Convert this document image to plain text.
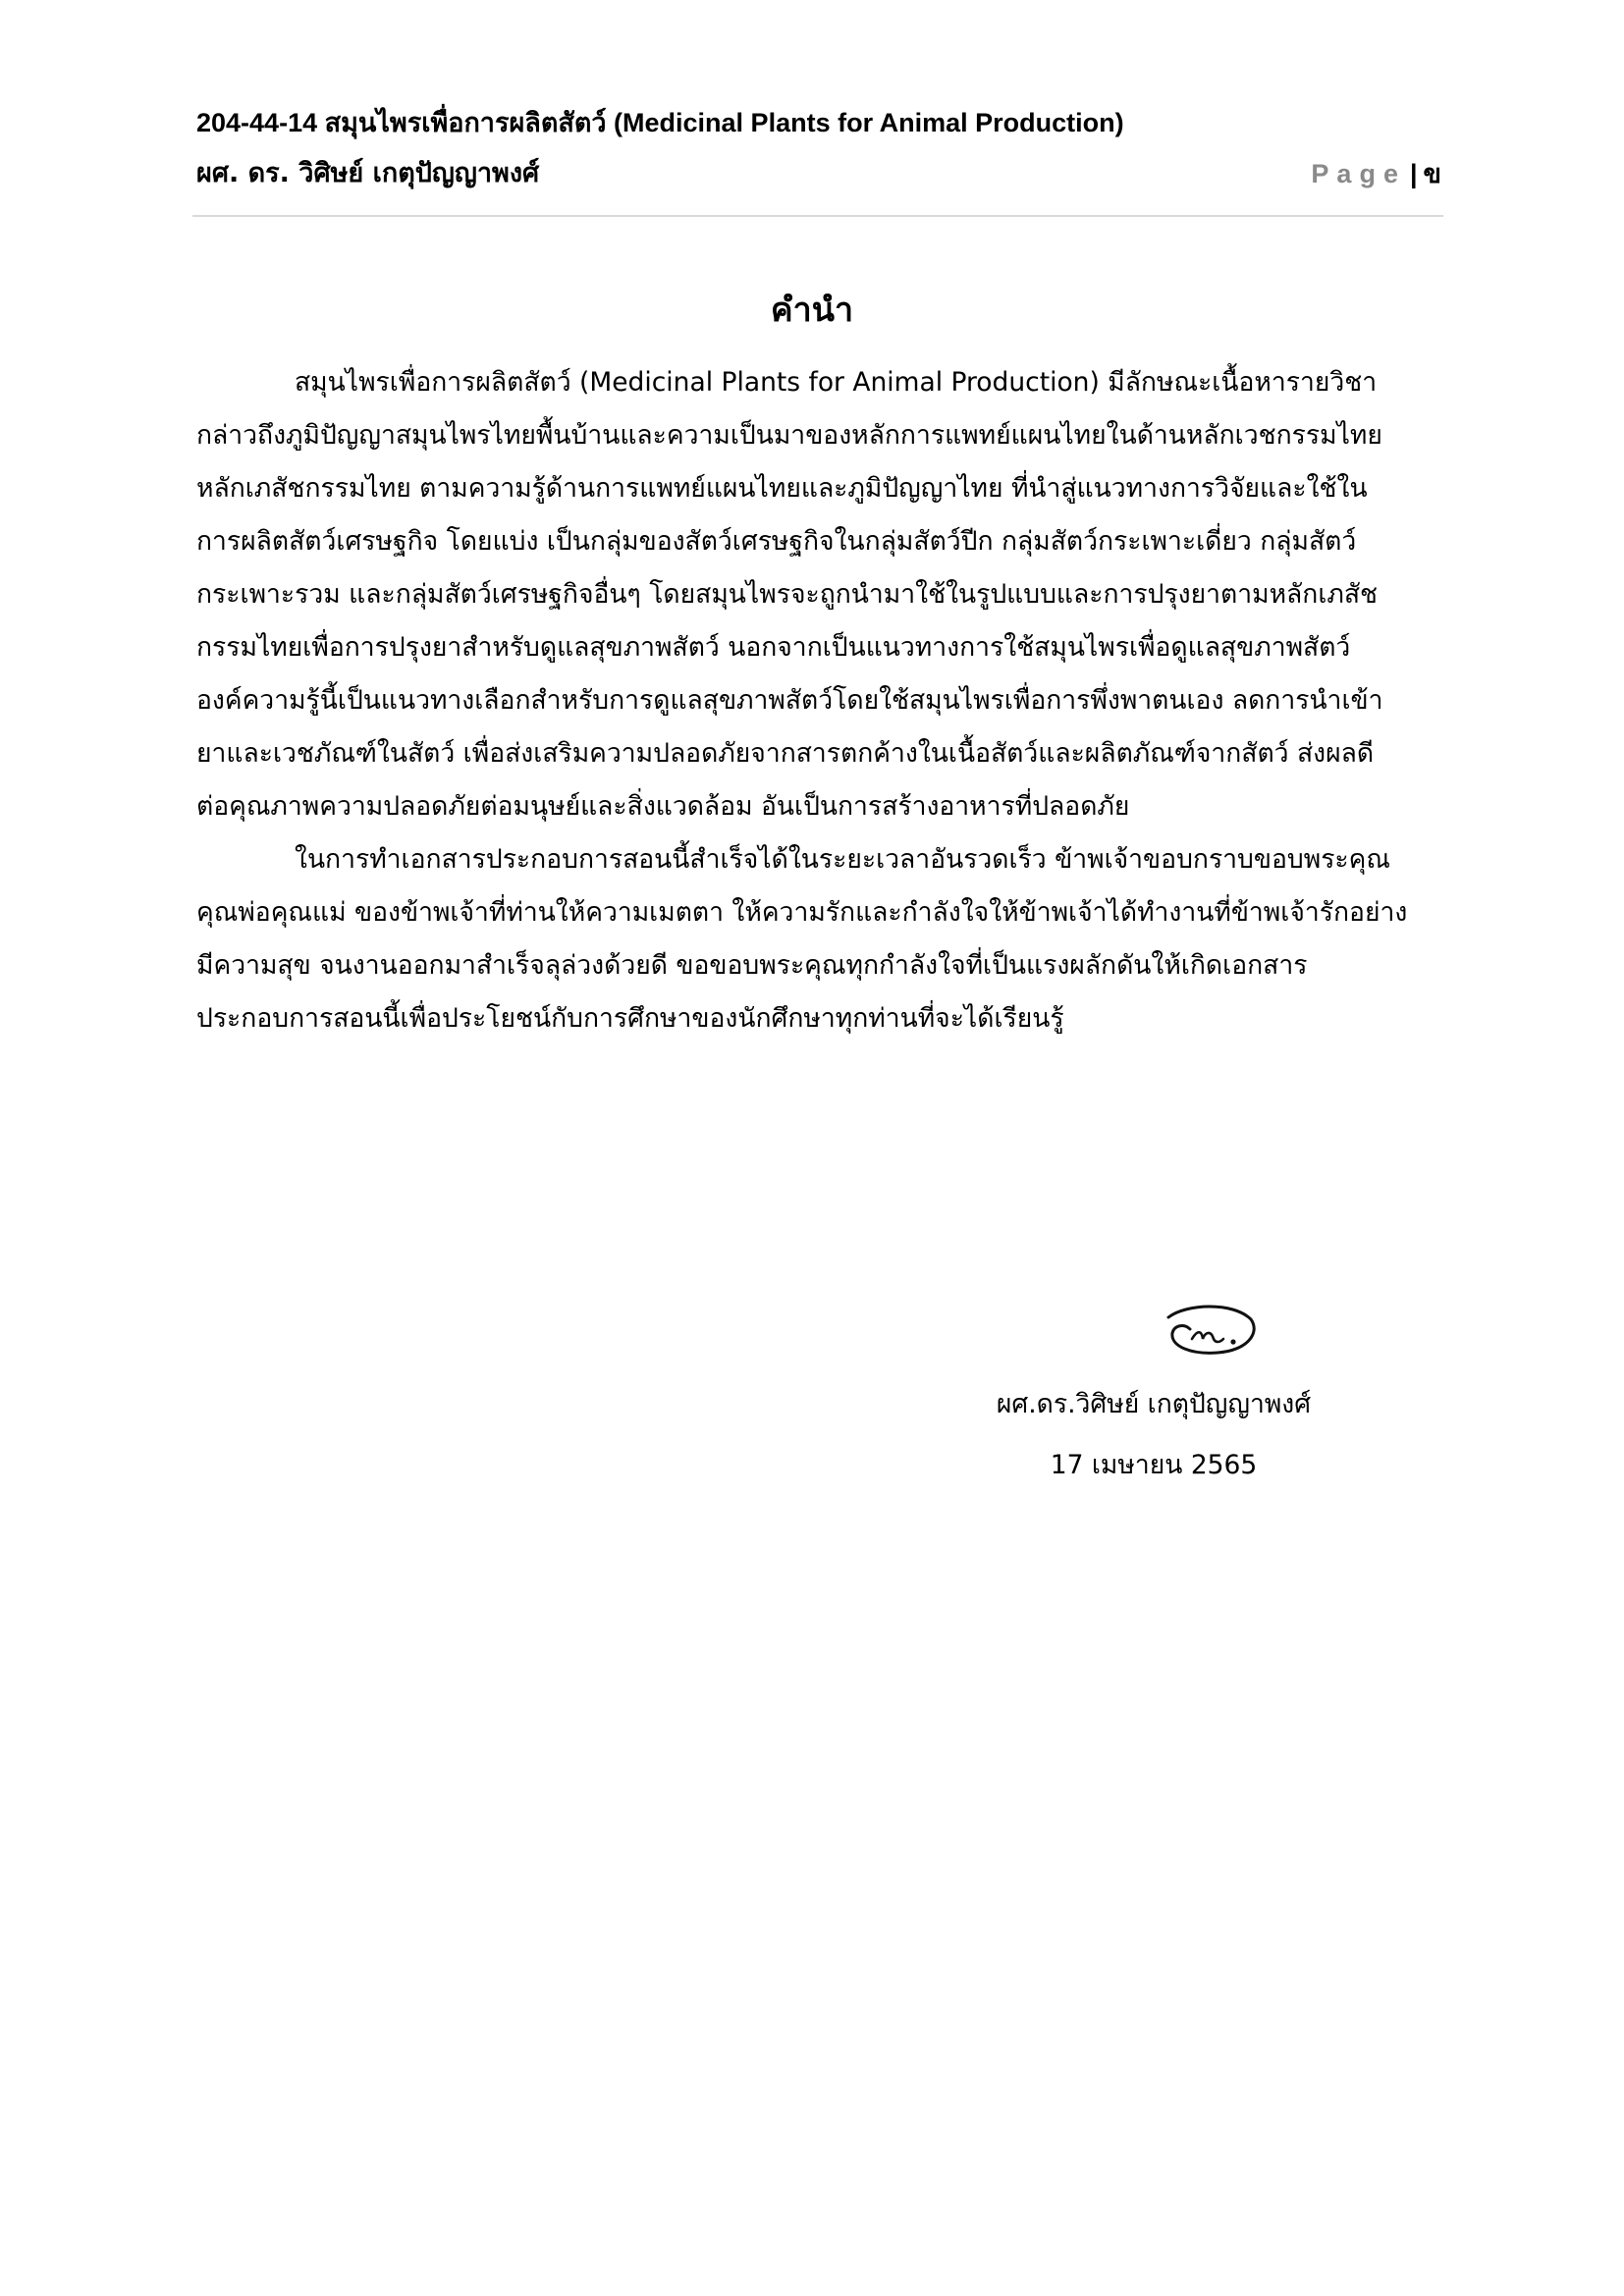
204-44-14 สมุนไพรเพื่อการผลิตสัตว์ (Medicinal Plants for Animal Production)
ผศ. ดร. วิศิษย์ เกตุปัญญาพงศ์	Page | ข
คำนำ
สมุนไพรเพื่อการผลิตสัตว์ (Medicinal Plants for Animal Production) มีลักษณะเนื้อหารายวิชา
กล่าวถึงภูมิปัญญาสมุนไพรไทยพื้นบ้านและความเป็นมาของหลักการแพทย์แผนไทยในด้านหลักเวชกรรมไทย
หลักเภสัชกรรมไทย ตามความรู้ด้านการแพทย์แผนไทยและภูมิปัญญาไทย ที่นำสู่แนวทางการวิจัยและใช้ใน
การผลิตสัตว์เศรษฐกิจ โดยแบ่ง เป็นกลุ่มของสัตว์เศรษฐกิจในกลุ่มสัตว์ปีก กลุ่มสัตว์กระเพาะเดี่ยว กลุ่มสัตว์
กระเพาะรวม และกลุ่มสัตว์เศรษฐกิจอื่นๆ โดยสมุนไพรจะถูกนำมาใช้ในรูปแบบและการปรุงยาตามหลักเภสัช
กรรมไทยเพื่อการปรุงยาสำหรับดูแลสุขภาพสัตว์ นอกจากเป็นแนวทางการใช้สมุนไพรเพื่อดูแลสุขภาพสัตว์
องค์ความรู้นี้เป็นแนวทางเลือกสำหรับการดูแลสุขภาพสัตว์โดยใช้สมุนไพรเพื่อการพึ่งพาตนเอง ลดการนำเข้า
ยาและเวชภัณฑ์ในสัตว์ เพื่อส่งเสริมความปลอดภัยจากสารตกค้างในเนื้อสัตว์และผลิตภัณฑ์จากสัตว์ ส่งผลดี
ต่อคุณภาพความปลอดภัยต่อมนุษย์และสิ่งแวดล้อม อันเป็นการสร้างอาหารที่ปลอดภัย
ในการทำเอกสารประกอบการสอนนี้สำเร็จได้ในระยะเวลาอันรวดเร็ว ข้าพเจ้าขอบกราบขอบพระคุณ
คุณพ่อคุณแม่ ของข้าพเจ้าที่ท่านให้ความเมตตา ให้ความรักและกำลังใจให้ข้าพเจ้าได้ทำงานที่ข้าพเจ้ารักอย่าง
มีความสุข จนงานออกมาสำเร็จลุล่วงด้วยดี ขอขอบพระคุณทุกกำลังใจที่เป็นแรงผลักดันให้เกิดเอกสาร
ประกอบการสอนนี้เพื่อประโยชน์กับการศึกษาของนักศึกษาทุกท่านที่จะได้เรียนรู้
ผศ.ดร.วิศิษย์ เกตุปัญญาพงศ์
17 เมษายน 2565
